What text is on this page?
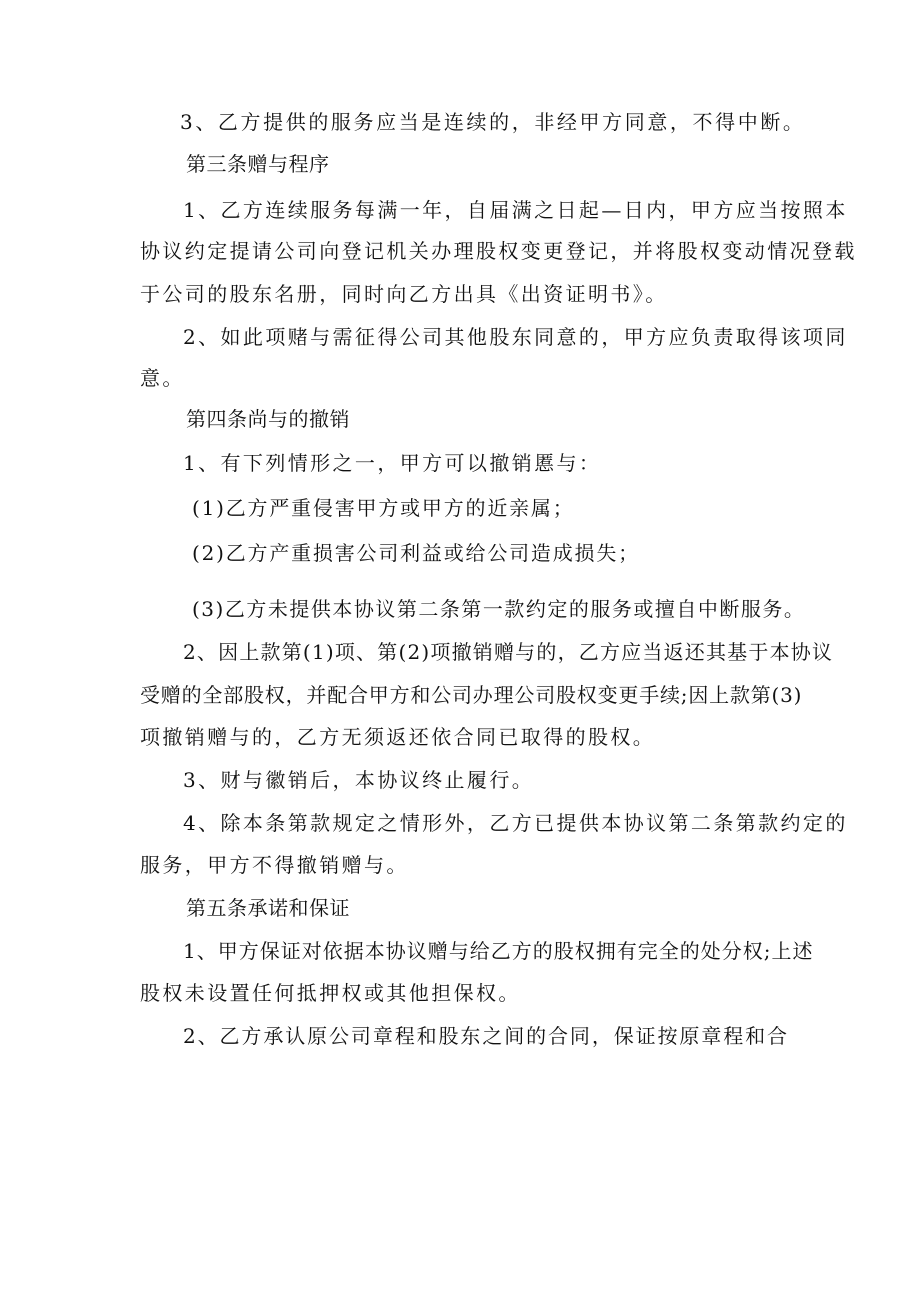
3、乙方提供的服务应当是连续的，非经甲方同意，不得中断。
第三条赠与程序
1、乙方连续服务每满一年，自届满之日起—日内，甲方应当按照本
协议约定提请公司向登记机关办理股权变更登记，并将股权变动情况登载
于公司的股东名册，同时向乙方出具《出资证明书》。
2、如此项赌与需征得公司其他股东同意的，甲方应负责取得该项同
意。
第四条尚与的撤销
1、有下列情形之一，甲方可以撤销慝与：
(1)乙方严重侵害甲方或甲方的近亲属；
(2)乙方产重损害公司利益或给公司造成损失；
(3)乙方未提供本协议第二条第一款约定的服务或擅自中断服务。
2、因上款第(1)项、第(2)项撤销赠与的，乙方应当返还其基于本协议
受赠的全部股权，并配合甲方和公司办理公司股权变更手续;因上款第(3)
项撤销赠与的，乙方无须返还依合同已取得的股权。
3、财与徽销后，本协议终止履行。
4、除本条第款规定之情形外，乙方已提供本协议第二条第款约定的
服务，甲方不得撤销赠与。
第五条承诺和保证
1、甲方保证对依据本协议赠与给乙方的股权拥有完全的处分权;上述
股权未设置任何抵押权或其他担保权。
2、乙方承认原公司章程和股东之间的合同，保证按原章程和合
